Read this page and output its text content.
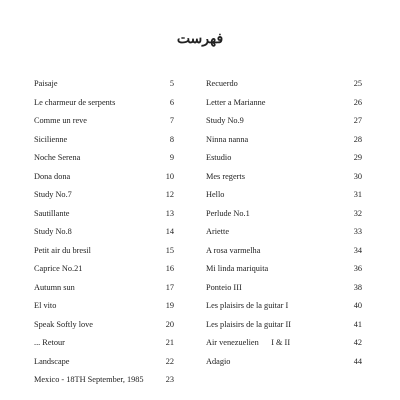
فهرست
Paisaje	5
Le charmeur de serpents	6
Comme un reve	7
Sicilienne	8
Noche Serena	9
Dona dona	10
Study No.7	12
Sautillante	13
Study No.8	14
Petit air du bresil	15
Caprice No.21	16
Autumn sun	17
El vito	19
Speak Softly love	20
... Retour	21
Landscape	22
Mexico - 18TH September, 1985	23
Recuerdo	25
Letter a Marianne	26
Study No.9	27
Ninna nanna	28
Estudio	29
Mes regerts	30
Hello	31
Perlude No.1	32
Ariette	33
A rosa varmelha	34
Mi linda mariquita	36
Ponteio III	38
Les plaisirs de la guitar I	40
Les plaisirs de la guitar II	41
Air venezuelien      I & II	42
Adagio	44
